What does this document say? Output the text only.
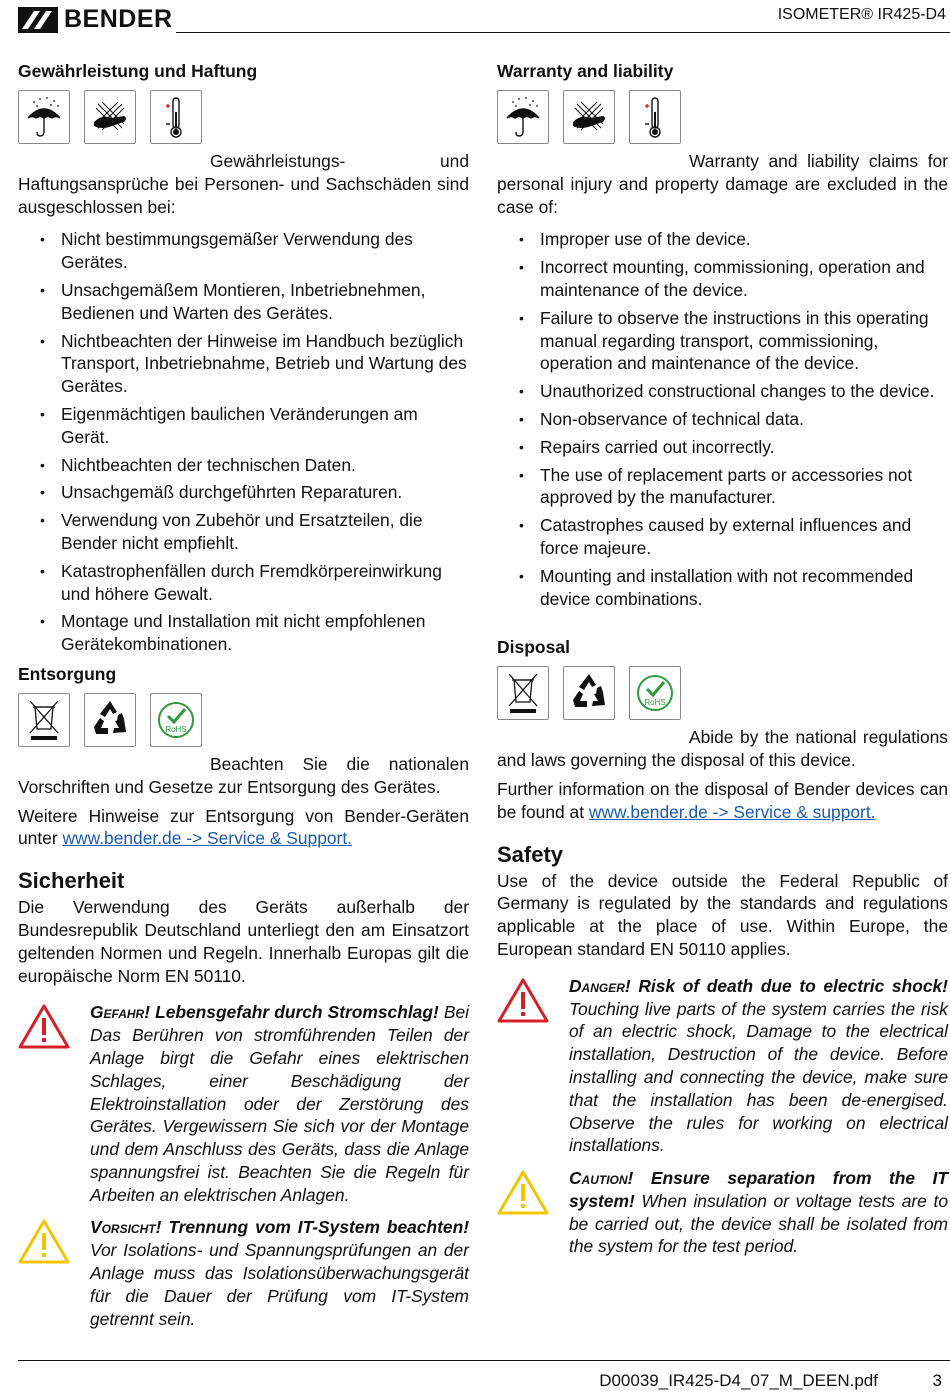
BENDER	ISOMETER® IR425-D4
Gewährleistung und Haftung

Gewährleistungs- und Haftungsansprüche bei Personen- und Sachschäden sind ausgeschlossen bei:

• Nicht bestimmungsgemäßer Verwendung des Gerätes.
• Unsachgemäßem Montieren, Inbetriebnehmen, Bedienen und Warten des Gerätes.
• Nichtbeachten der Hinweise im Handbuch bezüglich Transport, Inbetriebnahme, Betrieb und Wartung des Gerätes.
• Eigenmächtigen baulichen Veränderungen am Gerät.
• Nichtbeachten der technischen Daten.
• Unsachgemäß durchgeführten Reparaturen.
• Verwendung von Zubehör und Ersatzteilen, die Bender nicht empfiehlt.
• Katastrophenfällen durch Fremdkörpereinwirkung und höhere Gewalt.
• Montage und Installation mit nicht empfohlenen Gerätekombinationen.
Entsorgung
RoHS

Beachten Sie die nationalen Vorschriften und Gesetze zur Entsorgung des Gerätes.

Weitere Hinweise zur Entsorgung von Bender-Geräten unter www.bender.de -> Service & Support.

Sicherheit

Die Verwendung des Geräts außerhalb der Bundesrepublik Deutschland unterliegt den am Einsatzort geltenden Normen und Regeln. Innerhalb Europas gilt die europäische Norm EN 50110.

Gefahr! Lebensgefahr durch Stromschlag! Bei Das Berühren von stromführenden Teilen der Anlage birgt die Gefahr eines elektrischen Schlages, einer Beschädigung der Elektroinstallation oder der Zerstörung des Gerätes. Vergewissern Sie sich vor der Montage und dem Anschluss des Geräts, dass die Anlage spannungsfrei ist. Beachten Sie die Regeln für Arbeiten an elektrischen Anlagen.
Vorsicht! Trennung vom IT-System beachten! Vor Isolations- und Spannungsprüfungen an der Anlage muss das Isolationsüberwachungsgerät für die Dauer der Prüfung vom IT-System getrennt sein.
Warranty and liability

Warranty and liability claims for personal injury and property damage are excluded in the case of:

• Improper use of the device.
• Incorrect mounting, commissioning, operation and maintenance of the device.
• Failure to observe the instructions in this operating manual regarding transport, commissioning, operation and maintenance of the device.
• Unauthorized constructional changes to the device.
• Non-observance of technical data.
• Repairs carried out incorrectly.
• The use of replacement parts or accessories not approved by the manufacturer.
• Catastrophes caused by external influences and force majeure.
• Mounting and installation with not recommended device combinations.
Disposal
RoHS

Abide by the national regulations and laws governing the disposal of this device.

Further information on the disposal of Bender devices can be found at www.bender.de -> Service & support.

Safety

Use of the device outside the Federal Republic of Germany is regulated by the standards and regulations applicable at the place of use. Within Europe, the European standard EN 50110 applies.

Danger! Risk of death due to electric shock! Touching live parts of the system carries the risk of an electric shock, Damage to the electrical installation, Destruction of the device. Before installing and connecting the device, make sure that the installation has been de-energised. Observe the rules for working on electrical installations.
Caution! Ensure separation from the IT system! When insulation or voltage tests are to be carried out, the device shall be isolated from the system for the test period.
D00039_IR425-D4_07_M_DEEN.pdf	3
